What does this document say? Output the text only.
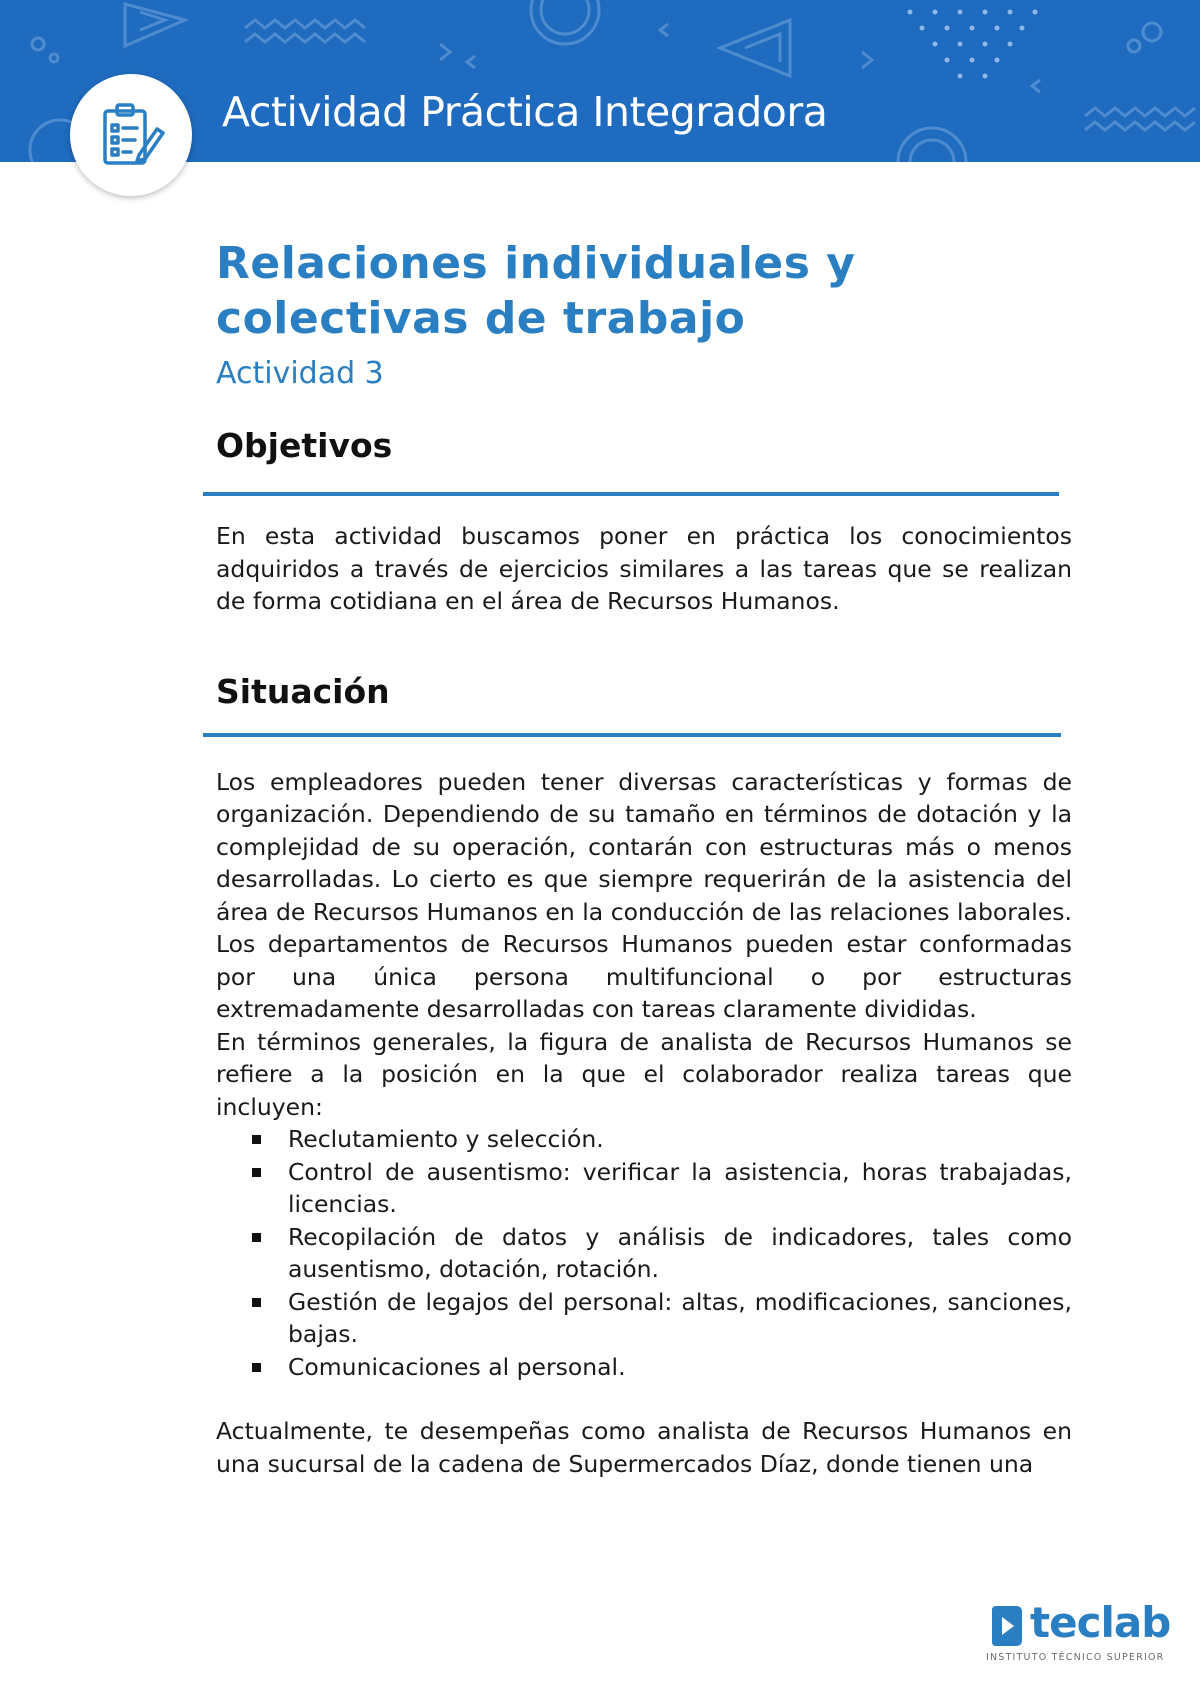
Actividad Práctica Integradora
Relaciones individuales y
colectivas de trabajo
Actividad 3
Objetivos

En esta actividad buscamos poner en práctica los conocimientos adquiridos a través de ejercicios similares a las tareas que se realizan de forma cotidiana en el área de Recursos Humanos.

Situación

Los empleadores pueden tener diversas características y formas de organización. Dependiendo de su tamaño en términos de dotación y la complejidad de su operación, contarán con estructuras más o menos desarrolladas. Lo cierto es que siempre requerirán de la asistencia del área de Recursos Humanos en la conducción de las relaciones laborales. Los departamentos de Recursos Humanos pueden estar conformadas por una única persona multifuncional o por estructuras extremadamente desarrolladas con tareas claramente divididas.

En términos generales, la figura de analista de Recursos Humanos se refiere a la posición en la que el colaborador realiza tareas que incluyen:

Reclutamiento y selección.
Control de ausentismo: verificar la asistencia, horas trabajadas, licencias.
Recopilación de datos y análisis de indicadores, tales como ausentismo, dotación, rotación.
Gestión de legajos del personal: altas, modificaciones, sanciones, bajas.
Comunicaciones al personal.

Actualmente, te desempeñas como analista de Recursos Humanos en una sucursal de la cadena de Supermercados Díaz, donde tienen una

teclab
INSTITUTO TÉCNICO SUPERIOR
